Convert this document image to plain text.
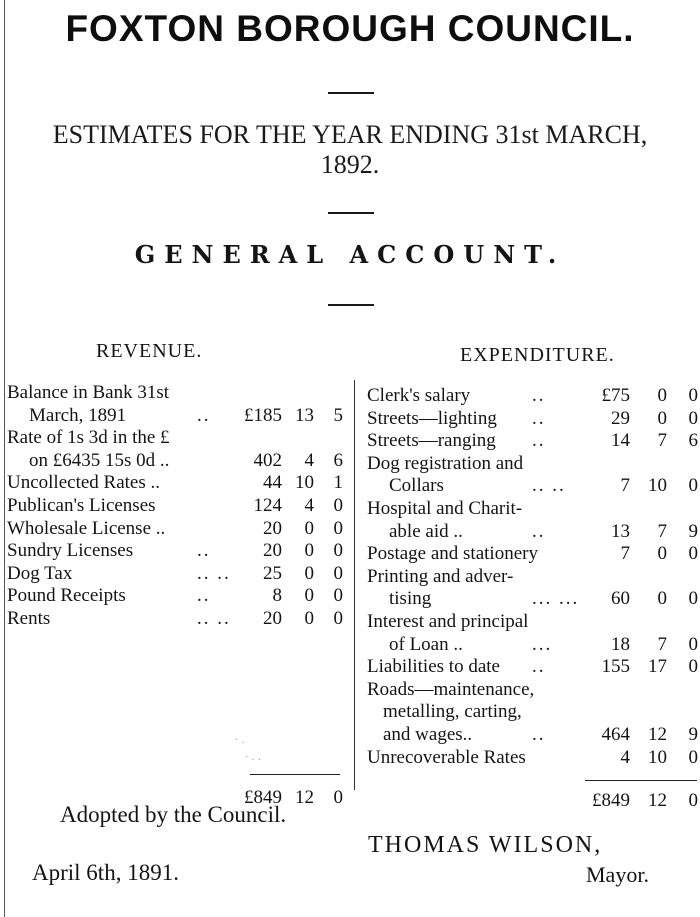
FOXTON BOROUGH COUNCIL.
ESTIMATES FOR THE YEAR ENDING 31st MARCH,
1892.
GENERAL ACCOUNT.
REVENUE.	EXPENDITURE.
Balance in Bank 31st
March, 1891	.. £185 13 5
Rate of 1s 3d in the £
on £6435 15s 0d ..	402 4 6
Uncollected Rates ..	44 10 1
Publican's Licenses	124 4 0
Wholesale License ..	20 0 0
Sundry Licenses	..	20 0 0
Dog Tax	.. .. 25 0 0
Pound Receipts	..	8 0 0
Rents	.. .. 20 0 0
Clerk's salary	..	£75 0 0
Streets—lighting ..	29 0 0
Streets—ranging ..	14 7 6
Dog registration and
Collars	.. ..	7 10 0
Hospital and Charit-
able aid ..	..	13 7 9
Postage and stationery	7 0 0
Printing and adver-
tising	... ... 60 0 0
Interest and principal
of Loan ..	...	18 7 0
Liabilities to date ..	155 17 0
Roads—maintenance,
metalling, carting,
and wages..	..	464 12 9
Unrecoverable Rates	4 10 0
£849 12 0	£849 12 0
Adopted by the Council.
THOMAS WILSON,
April 6th, 1891.	Mayor.
· .
· . .
